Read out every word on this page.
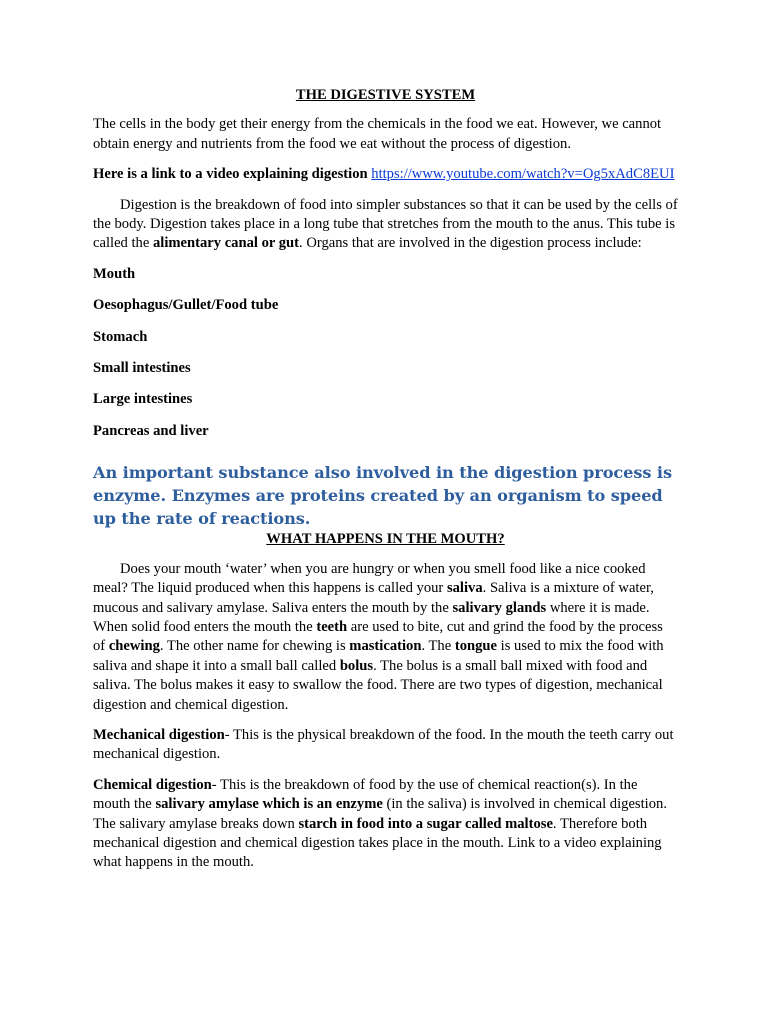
THE DIGESTIVE SYSTEM

The cells in the body get their energy from the chemicals in the food we eat. However, we cannot obtain energy and nutrients from the food we eat without the process of digestion.

Here is a link to a video explaining digestion https://www.youtube.com/watch?v=Og5xAdC8EUI

Digestion is the breakdown of food into simpler substances so that it can be used by the cells of the body. Digestion takes place in a long tube that stretches from the mouth to the anus. This tube is called the alimentary canal or gut. Organs that are involved in the digestion process include:

Mouth

Oesophagus/Gullet/Food tube

Stomach

Small intestines

Large intestines

Pancreas and liver

An important substance also involved in the digestion process is enzyme. Enzymes are proteins created by an organism to speed up the rate of reactions.

WHAT HAPPENS IN THE MOUTH?

Does your mouth ‘water’ when you are hungry or when you smell food like a nice cooked meal? The liquid produced when this happens is called your saliva. Saliva is a mixture of water, mucous and salivary amylase. Saliva enters the mouth by the salivary glands where it is made. When solid food enters the mouth the teeth are used to bite, cut and grind the food by the process of chewing. The other name for chewing is mastication. The tongue is used to mix the food with saliva and shape it into a small ball called bolus. The bolus is a small ball mixed with food and saliva. The bolus makes it easy to swallow the food. There are two types of digestion, mechanical digestion and chemical digestion.

Mechanical digestion- This is the physical breakdown of the food. In the mouth the teeth carry out mechanical digestion.

Chemical digestion- This is the breakdown of food by the use of chemical reaction(s). In the mouth the salivary amylase which is an enzyme (in the saliva) is involved in chemical digestion. The salivary amylase breaks down starch in food into a sugar called maltose. Therefore both mechanical digestion and chemical digestion takes place in the mouth. Link to a video explaining what happens in the mouth.
